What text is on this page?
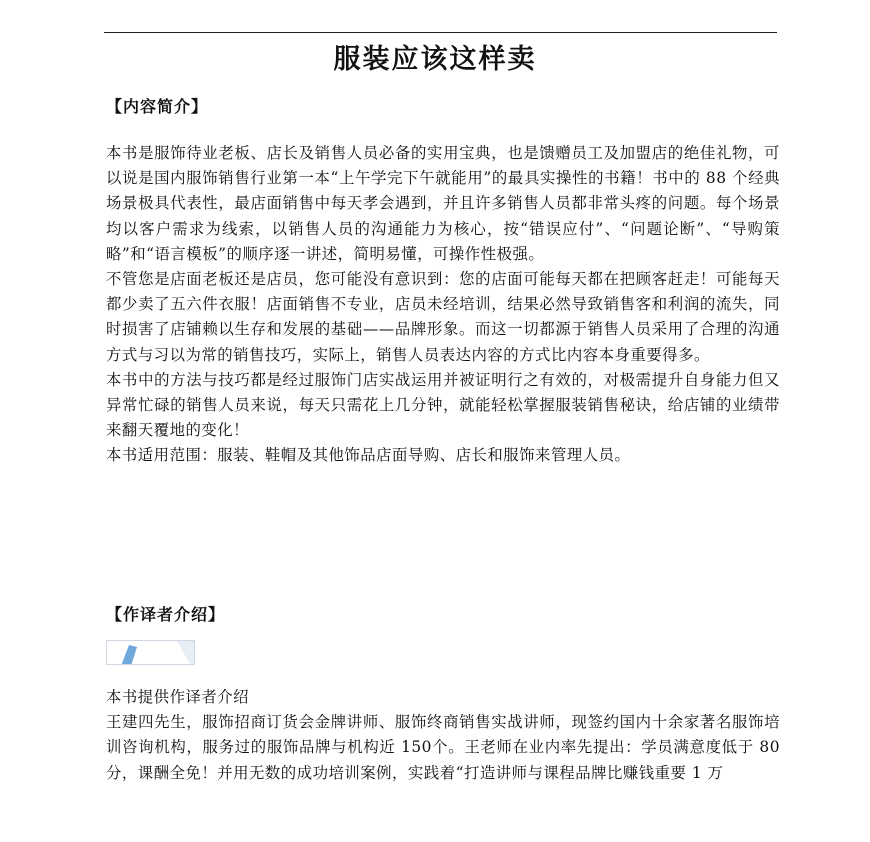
服装应该这样卖
【内容简介】

本书是服饰待业老板、店长及销售人员必备的实用宝典，也是馈赠员工及加盟店的绝佳礼物，可以说是国内服饰销售行业第一本“上午学完下午就能用”的最具实操性的书籍！书中的 88 个经典场景极具代表性，最店面销售中每天孝会遇到，并且许多销售人员都非常头疼的问题。每个场景均以客户需求为线索，以销售人员的沟通能力为核心，按“错误应付”、“问题论断”、“导购策略”和“语言模板”的顺序逐一讲述，简明易懂，可操作性极强。

不管您是店面老板还是店员，您可能没有意识到：您的店面可能每天都在把顾客赶走！可能每天都少卖了五六件衣服！店面销售不专业，店员未经培训，结果必然导致销售客和利润的流失，同时损害了店铺赖以生存和发展的基础——品牌形象。而这一切都源于销售人员采用了合理的沟通方式与习以为常的销售技巧，实际上，销售人员表达内容的方式比内容本身重要得多。

本书中的方法与技巧都是经过服饰门店实战运用并被证明行之有效的，对极需提升自身能力但又异常忙碌的销售人员来说，每天只需花上几分钟，就能轻松掌握服装销售秘诀，给店铺的业绩带来翻天覆地的变化！

本书适用范围：服装、鞋帽及其他饰品店面导购、店长和服饰来管理人员。

【作译者介绍】

本书提供作译者介绍

王建四先生，服饰招商订货会金牌讲师、服饰终商销售实战讲师，现签约国内十余家著名服饰培训咨询机构，服务过的服饰品牌与机构近 150个。王老师在业内率先提出：学员满意度低于 80 分，课酬全免！并用无数的成功培训案例，实践着“打造讲师与课程品牌比赚钱重要 1 万
